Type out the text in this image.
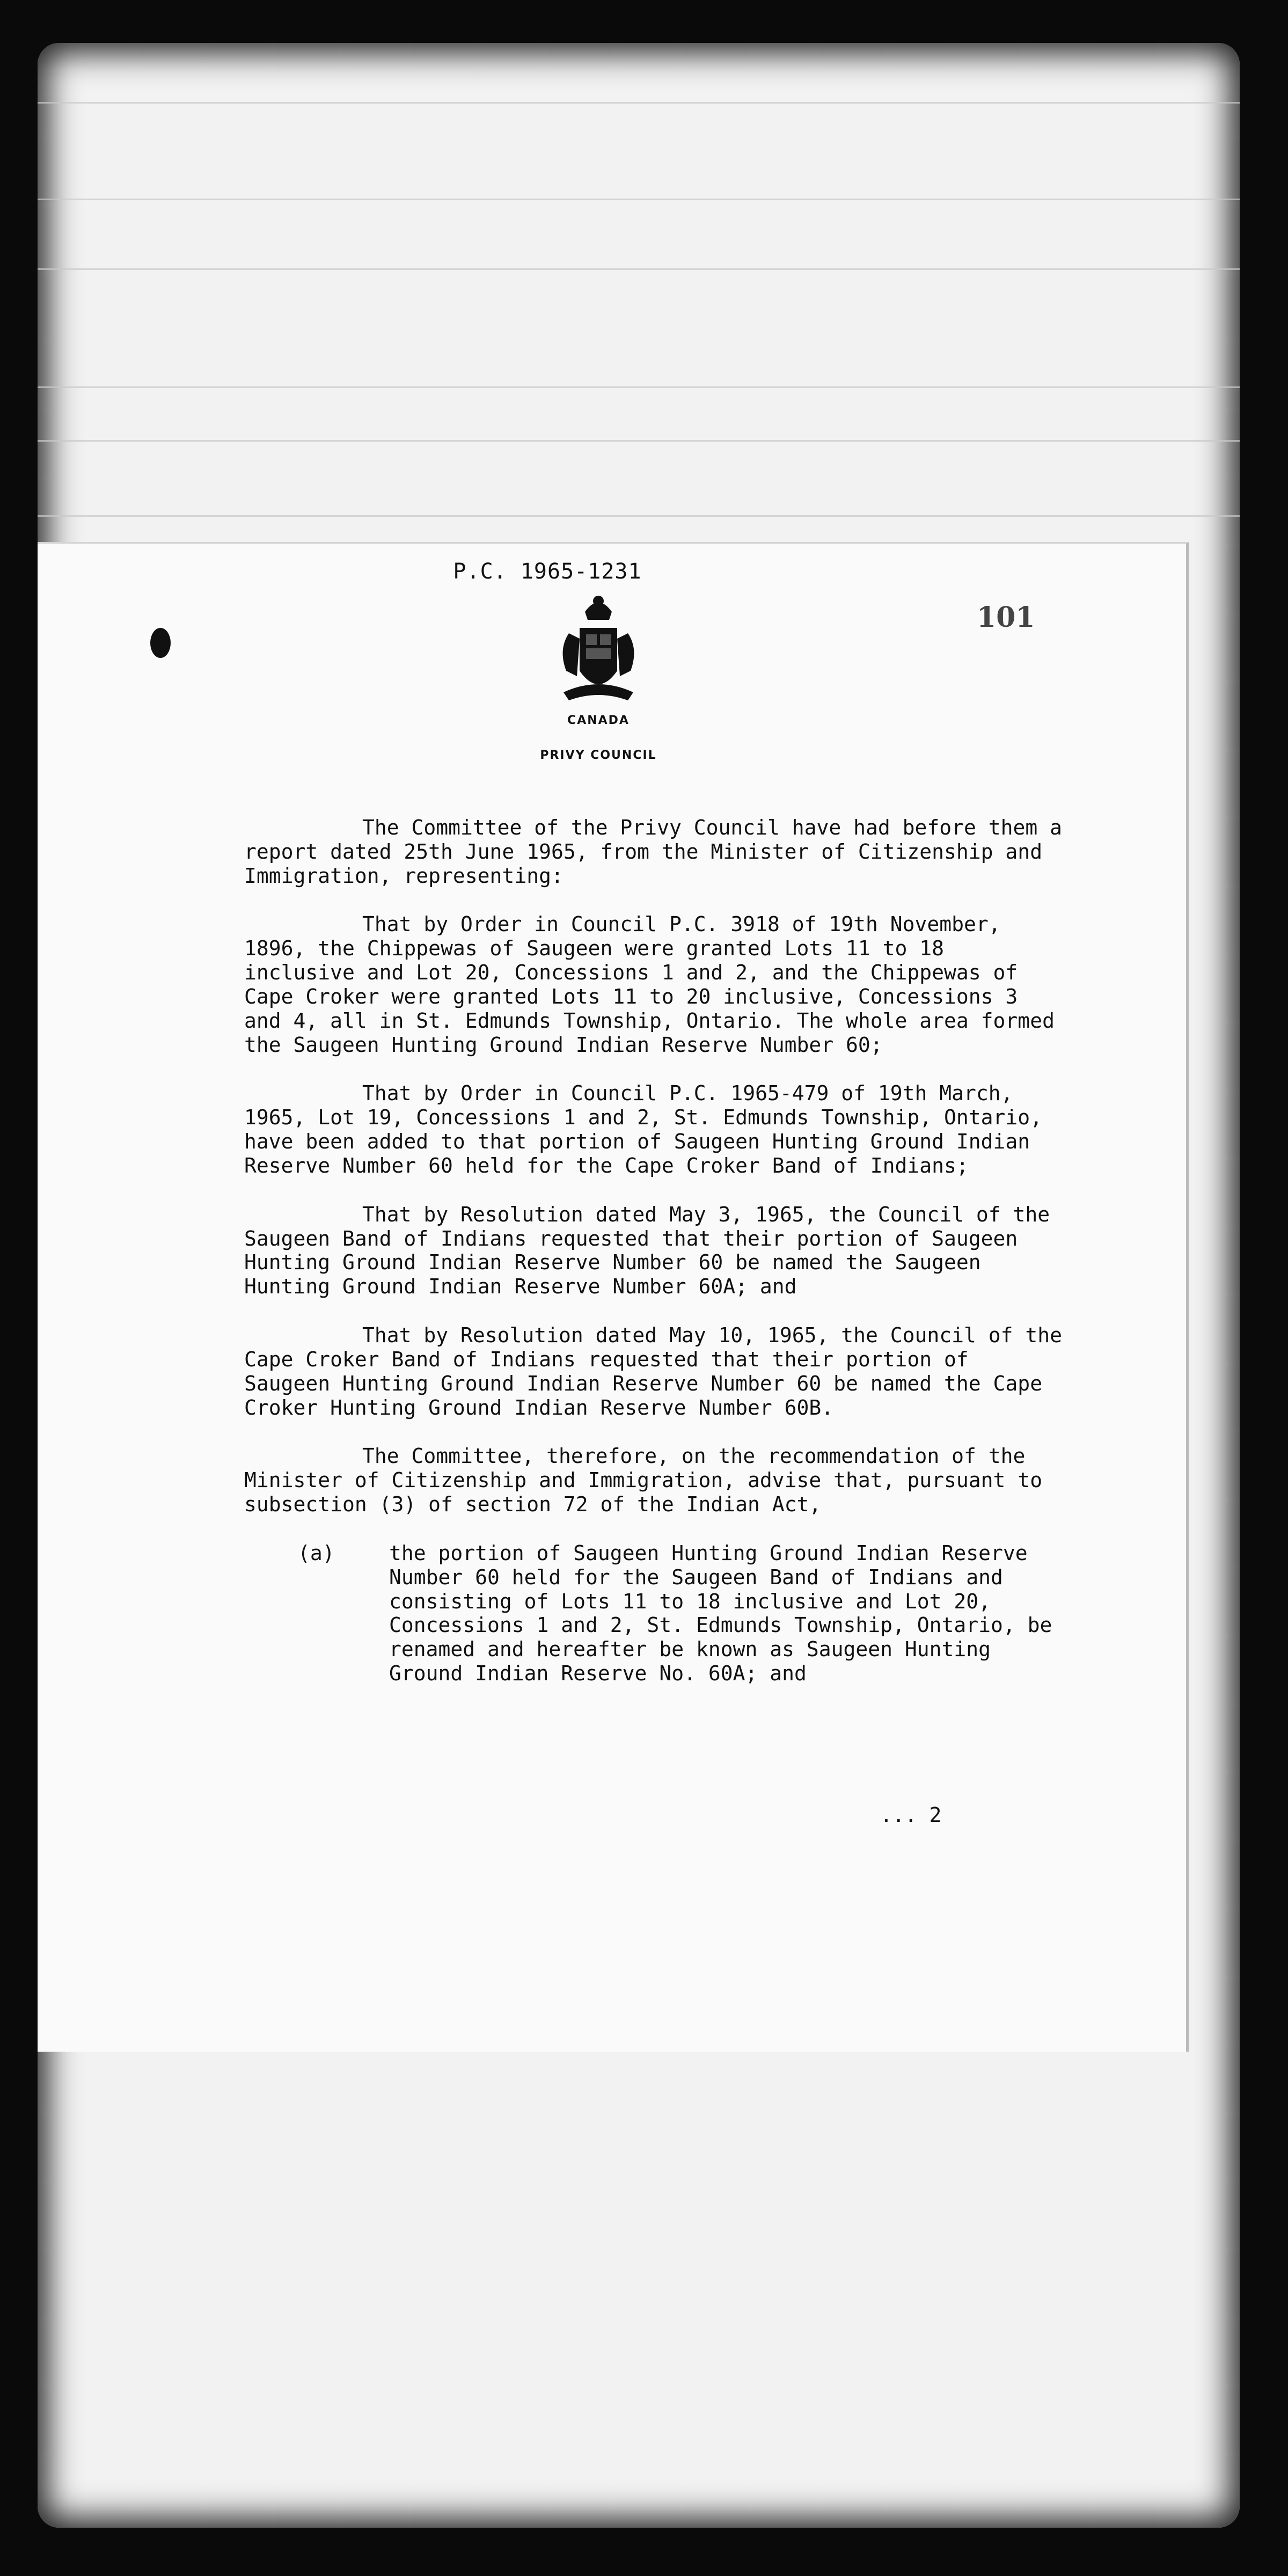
P.C. 1965-1231
101
CANADA
PRIVY COUNCIL

The Committee of the Privy Council have had before them a report dated 25th June 1965, from the Minister of Citizenship and Immigration, representing:

That by Order in Council P.C. 3918 of 19th November, 1896, the Chippewas of Saugeen were granted Lots 11 to 18 inclusive and Lot 20, Concessions 1 and 2, and the Chippewas of Cape Croker were granted Lots 11 to 20 inclusive, Concessions 3 and 4, all in St. Edmunds Township, Ontario. The whole area formed the Saugeen Hunting Ground Indian Reserve Number 60;

That by Order in Council P.C. 1965-479 of 19th March, 1965, Lot 19, Concessions 1 and 2, St. Edmunds Township, Ontario, have been added to that portion of Saugeen Hunting Ground Indian Reserve Number 60 held for the Cape Croker Band of Indians;

That by Resolution dated May 3, 1965, the Council of the Saugeen Band of Indians requested that their portion of Saugeen Hunting Ground Indian Reserve Number 60 be named the Saugeen Hunting Ground Indian Reserve Number 60A; and

That by Resolution dated May 10, 1965, the Council of the Cape Croker Band of Indians requested that their portion of Saugeen Hunting Ground Indian Reserve Number 60 be named the Cape Croker Hunting Ground Indian Reserve Number 60B.

The Committee, therefore, on the recommendation of the Minister of Citizenship and Immigration, advise that, pursuant to subsection (3) of section 72 of the Indian Act,

(a)	the portion of Saugeen Hunting Ground Indian Reserve Number 60 held for the Saugeen Band of Indians and consisting of Lots 11 to 18 inclusive and Lot 20, Concessions 1 and 2, St. Edmunds Township, Ontario, be renamed and hereafter be known as Saugeen Hunting Ground Indian Reserve No. 60A; and
... 2
